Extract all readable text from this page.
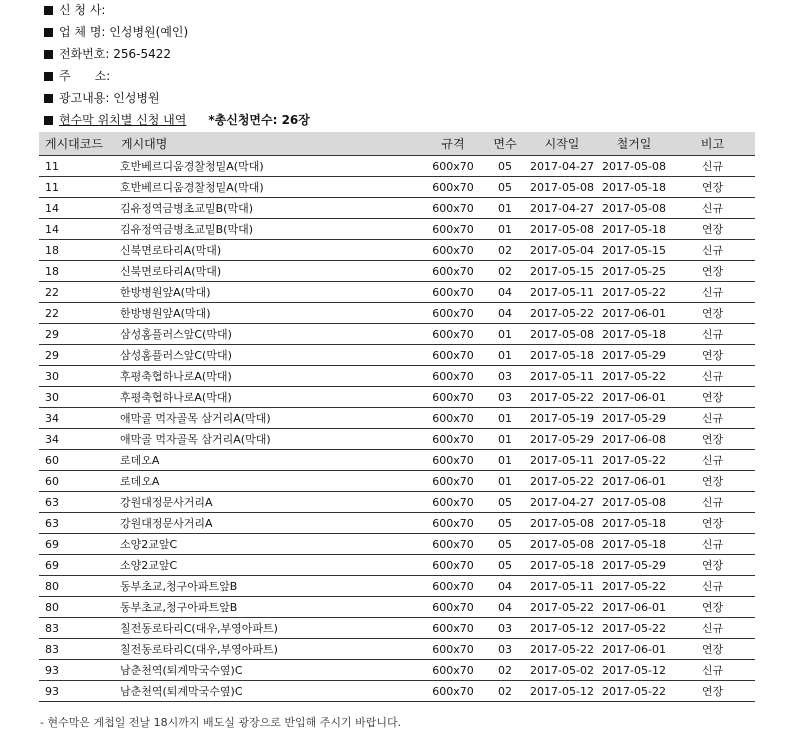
신 청 사:
업 체 명: 인성병원(예인)
전화번호: 256-5422
주　　소:
광고내용: 인성병원
현수막 위치별 신청 내역 *총신청면수: 26장
게시대코드	게시대명	규격	면수	시작일	철거일	비고
11	호반베르디움경찰청밑A(막대)	600x70	05	2017-04-27	2017-05-08	신규
11	호반베르디움경찰청밑A(막대)	600x70	05	2017-05-08	2017-05-18	연장
14	김유정역금병초교밑B(막대)	600x70	01	2017-04-27	2017-05-08	신규
14	김유정역금병초교밑B(막대)	600x70	01	2017-05-08	2017-05-18	연장
18	신북면로타리A(막대)	600x70	02	2017-05-04	2017-05-15	신규
18	신북면로타리A(막대)	600x70	02	2017-05-15	2017-05-25	연장
22	한방병원앞A(막대)	600x70	04	2017-05-11	2017-05-22	신규
22	한방병원앞A(막대)	600x70	04	2017-05-22	2017-06-01	연장
29	삼성홈플러스앞C(막대)	600x70	01	2017-05-08	2017-05-18	신규
29	삼성홈플러스앞C(막대)	600x70	01	2017-05-18	2017-05-29	연장
30	후평축협하나로A(막대)	600x70	03	2017-05-11	2017-05-22	신규
30	후평축협하나로A(막대)	600x70	03	2017-05-22	2017-06-01	연장
34	애막골 먹자골목 삼거리A(막대)	600x70	01	2017-05-19	2017-05-29	신규
34	애막골 먹자골목 삼거리A(막대)	600x70	01	2017-05-29	2017-06-08	연장
60	로데오A	600x70	01	2017-05-11	2017-05-22	신규
60	로데오A	600x70	01	2017-05-22	2017-06-01	연장
63	강원대정문사거리A	600x70	05	2017-04-27	2017-05-08	신규
63	강원대정문사거리A	600x70	05	2017-05-08	2017-05-18	연장
69	소양2교앞C	600x70	05	2017-05-08	2017-05-18	신규
69	소양2교앞C	600x70	05	2017-05-18	2017-05-29	연장
80	동부초교,청구아파트앞B	600x70	04	2017-05-11	2017-05-22	신규
80	동부초교,청구아파트앞B	600x70	04	2017-05-22	2017-06-01	연장
83	칠전동로타리C(대우,부영아파트)	600x70	03	2017-05-12	2017-05-22	신규
83	칠전동로타리C(대우,부영아파트)	600x70	03	2017-05-22	2017-06-01	연장
93	남춘천역(퇴계막국수옆)C	600x70	02	2017-05-02	2017-05-12	신규
93	남춘천역(퇴계막국수옆)C	600x70	02	2017-05-12	2017-05-22	연장
- 현수막은 게첩일 전날 18시까지 배도실 광장으로 반입해 주시기 바랍니다.
